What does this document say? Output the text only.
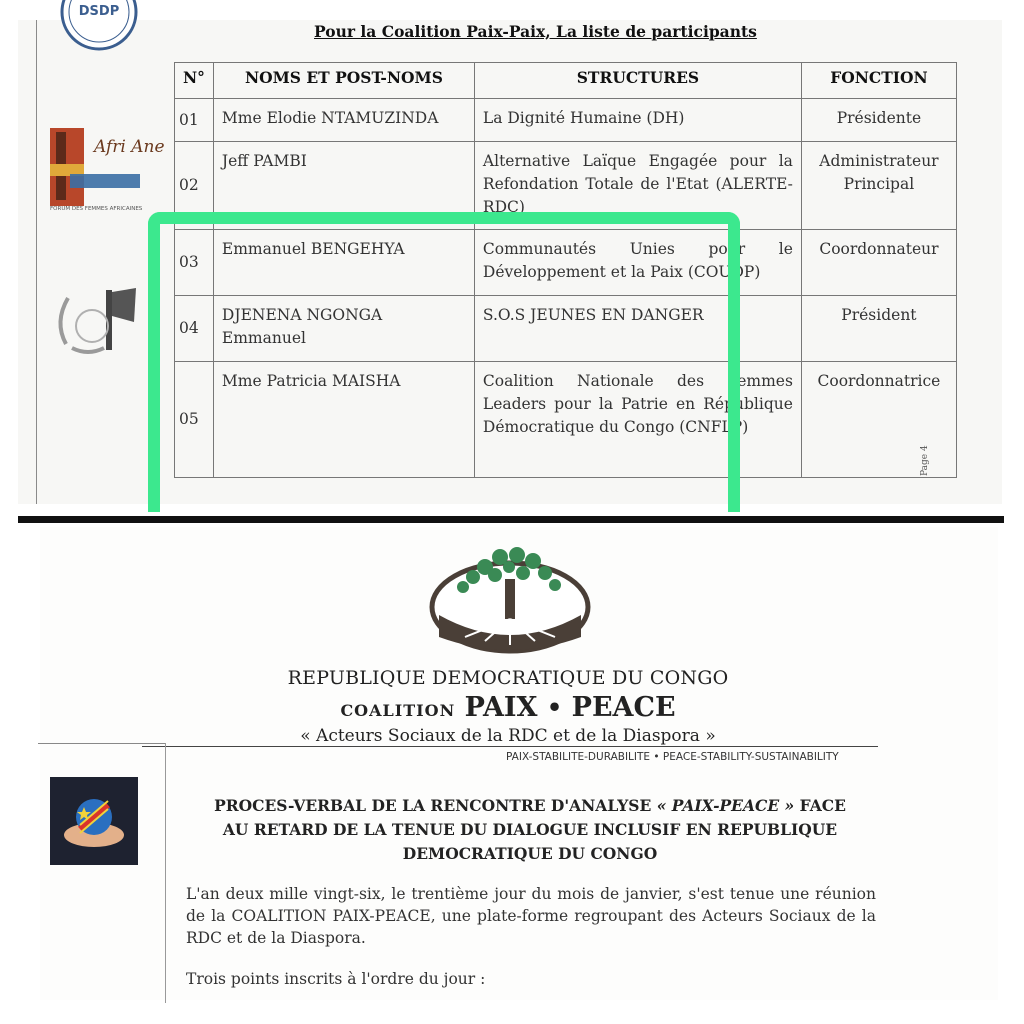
DSDP
Afri Ane
FORUM DES FEMMES AFRICAINES
Pour la Coalition Paix-Paix, La liste de participants
N°	NOMS ET POST-NOMS	STRUCTURES	FONCTION
01	Mme Elodie NTAMUZINDA	La Dignité Humaine (DH)	Présidente
02	Jeff PAMBI	Alternative Laïque Engagée pour la Refondation Totale de l'Etat (ALERTE-RDC)	Administrateur Principal
03	Emmanuel BENGEHYA	Communautés Unies pour le Développement et la Paix (COUDP)	Coordonnateur
04	DJENENA NGONGA Emmanuel	S.O.S JEUNES EN DANGER	Président
05	Mme Patricia MAISHA	Coalition Nationale des Femmes Leaders pour la Patrie en République Démocratique du Congo (CNFLP)	Coordonnatrice
Page 4
REPUBLIQUE DEMOCRATIQUE DU CONGO
COALITION PAIX • PEACE
« Acteurs Sociaux de la RDC et de la Diaspora »
PAIX-STABILITE-DURABILITE • PEACE-STABILITY-SUSTAINABILITY
PROCES-VERBAL DE LA RENCONTRE D'ANALYSE « PAIX-PEACE » FACE AU RETARD DE LA TENUE DU DIALOGUE INCLUSIF EN REPUBLIQUE DEMOCRATIQUE DU CONGO
L'an deux mille vingt-six, le trentième jour du mois de janvier, s'est tenue une réunion de la COALITION PAIX-PEACE, une plate-forme regroupant des Acteurs Sociaux de la RDC et de la Diaspora.
Trois points inscrits à l'ordre du jour :
